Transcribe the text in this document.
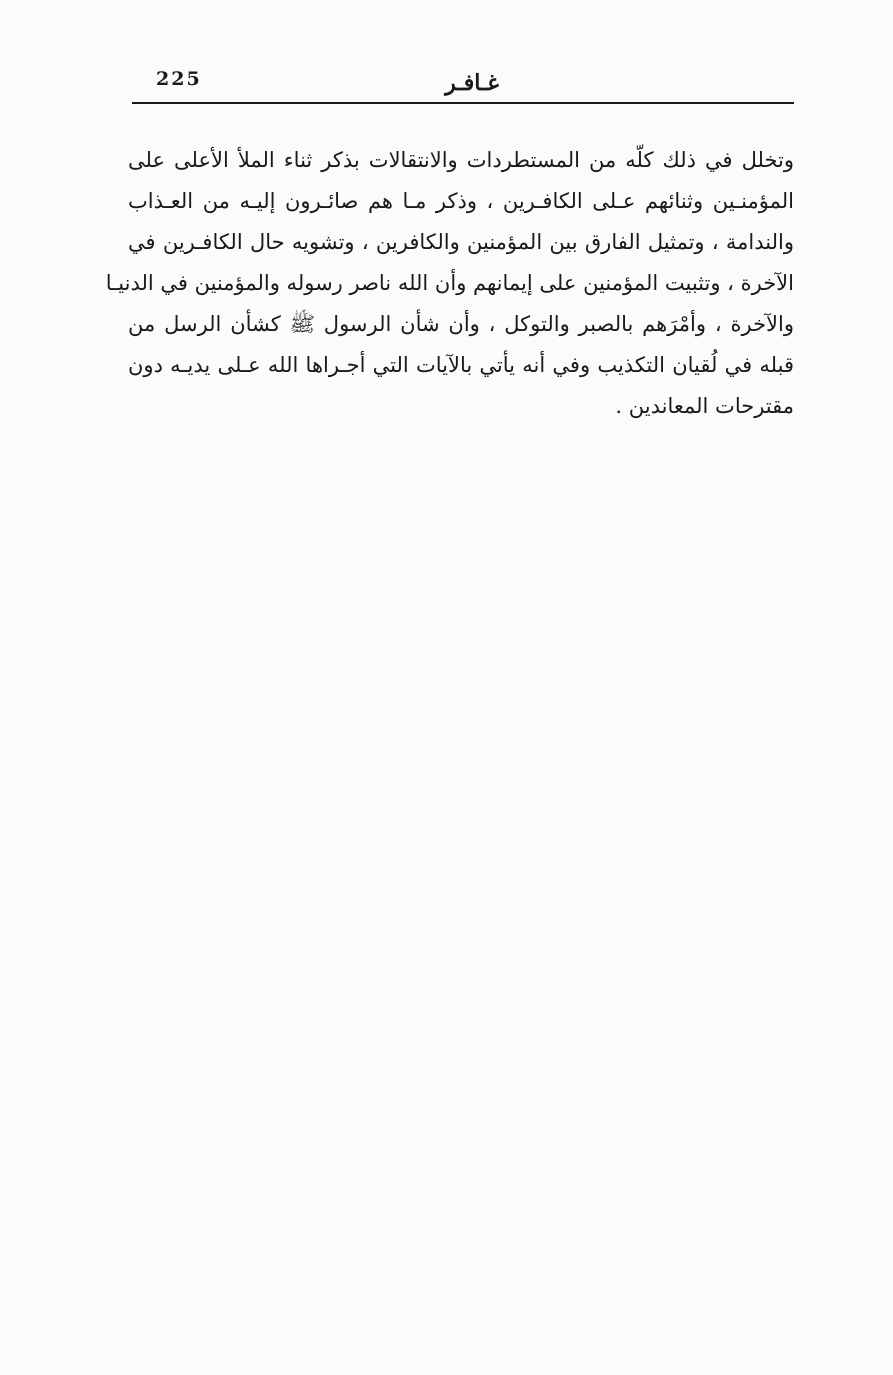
225	غـافـر
وتخلل في ذلك كلّه من المستطردات والانتقالات بذكر ثناء الملأ الأعلى على
المؤمنـين وثنائهم عـلى الكافـرين ، وذكر مـا هم صائـرون إليـه من العـذاب
والندامة ، وتمثيل الفارق بين المؤمنين والكافرين ، وتشويه حال الكافـرين في
الآخرة ، وتثبيت المؤمنين على إيمانهم وأن الله ناصر رسوله والمؤمنين في الدنيـا
والآخرة ، وأمْرَهم بالصبر والتوكل ، وأن شأن الرسول ﷺ كشأن الرسل من
قبله في لُقيان التكذيب وفي أنه يأتي بالآيات التي أجـراها الله عـلى يديـه دون
مقترحات المعاندين .
